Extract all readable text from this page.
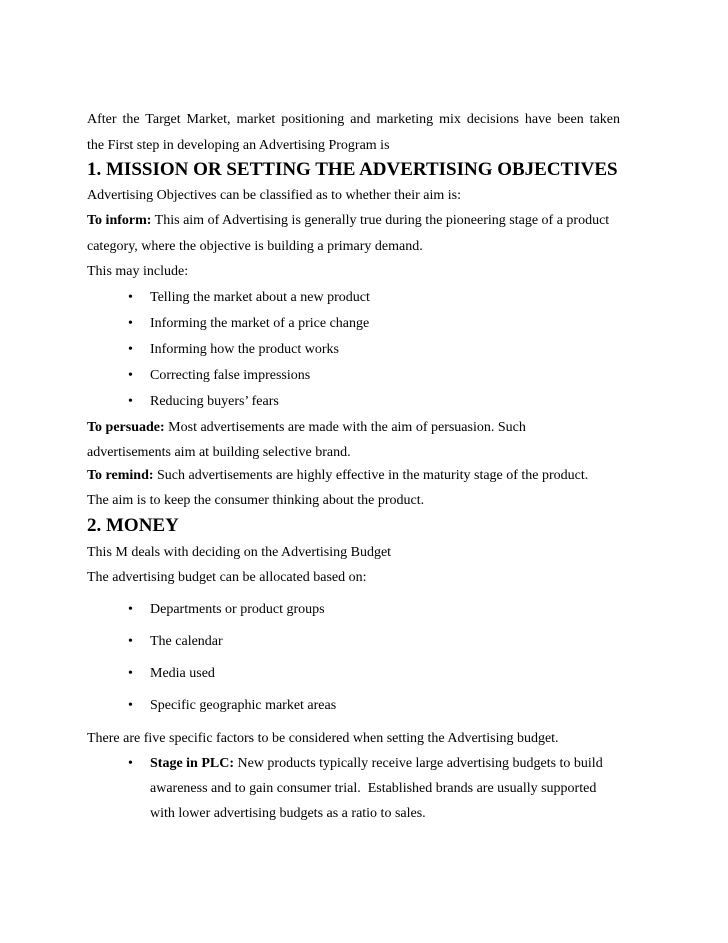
After the Target Market, market positioning and marketing mix decisions have been taken
the First step in developing an Advertising Program is
1. MISSION OR SETTING THE ADVERTISING OBJECTIVES
Advertising Objectives can be classified as to whether their aim is:
To inform: This aim of Advertising is generally true during the pioneering stage of a product
category, where the objective is building a primary demand.
This may include:
• Telling the market about a new product
• Informing the market of a price change
• Informing how the product works
• Correcting false impressions
• Reducing buyers’ fears
To persuade: Most advertisements are made with the aim of persuasion. Such
advertisements aim at building selective brand.
To remind: Such advertisements are highly effective in the maturity stage of the product.
The aim is to keep the consumer thinking about the product.
2. MONEY
This M deals with deciding on the Advertising Budget
The advertising budget can be allocated based on:
• Departments or product groups
• The calendar
• Media used
• Specific geographic market areas
There are five specific factors to be considered when setting the Advertising budget.
• Stage in PLC: New products typically receive large advertising budgets to build
awareness and to gain consumer trial.  Established brands are usually supported
with lower advertising budgets as a ratio to sales.
